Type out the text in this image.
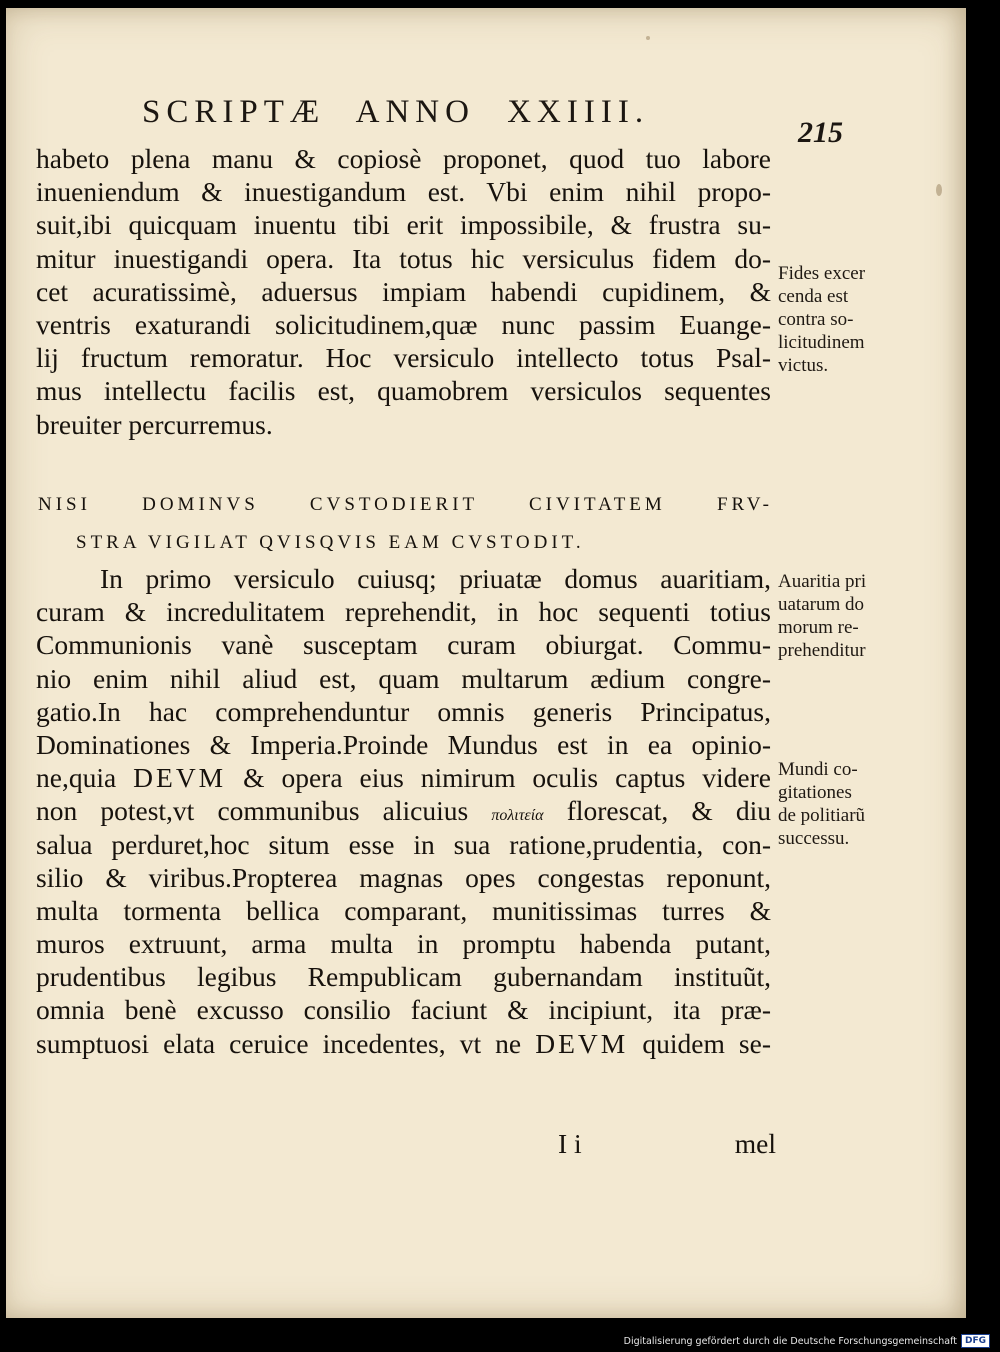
SCRIPTÆ ANNO XXIIII.
215
habeto plena manu & copiosè proponet, quod tuo labore
inueniendum & inuestigandum est. Vbi enim nihil propo-
suit,ibi quicquam inuentu tibi erit impossibile, & frustra su-
mitur inuestigandi opera. Ita totus hic versiculus fidem do-
cet acuratissimè, aduersus impiam habendi cupidinem, &
ventris exaturandi solicitudinem,quæ nunc passim Euange-
lij fructum remoratur. Hoc versiculo intellecto totus Psal-
mus intellectu facilis est, quamobrem versiculos sequentes
breuiter percurremus.
NISI DOMINVS CVSTODIERIT CIVITATEM FRV-
STRA VIGILAT QVISQVIS EAM CVSTODIT.
In primo versiculo cuiusq; priuatæ domus auaritiam,
curam & incredulitatem reprehendit, in hoc sequenti totius
Communionis vanè susceptam curam obiurgat. Commu-
nio enim nihil aliud est, quam multarum ædium congre-
gatio.In hac comprehenduntur omnis generis Principatus,
Dominationes & Imperia.Proinde Mundus est in ea opinio-
ne,quia DEVM & opera eius nimirum oculis captus videre
non potest,vt communibus alicuius πολιτεία florescat, & diu
salua perduret,hoc situm esse in sua ratione,prudentia, con-
silio & viribus.Propterea magnas opes congestas reponunt,
multa tormenta bellica comparant, munitissimas turres &
muros extruunt, arma multa in promptu habenda putant,
prudentibus legibus Rempublicam gubernandam instituũt,
omnia benè excusso consilio faciunt & incipiunt, ita præ-
sumptuosi elata ceruice incedentes, vt ne DEVM quidem se-
Fides excer
cenda est
contra so-
licitudinem
victus.
Auaritia pri
uatarum do
morum re-
prehenditur
Mundi co-
gitationes
de politiarũ
successu.
I i	mel
Digitalisierung gefördert durch die Deutsche Forschungsgemeinschaft DFG
